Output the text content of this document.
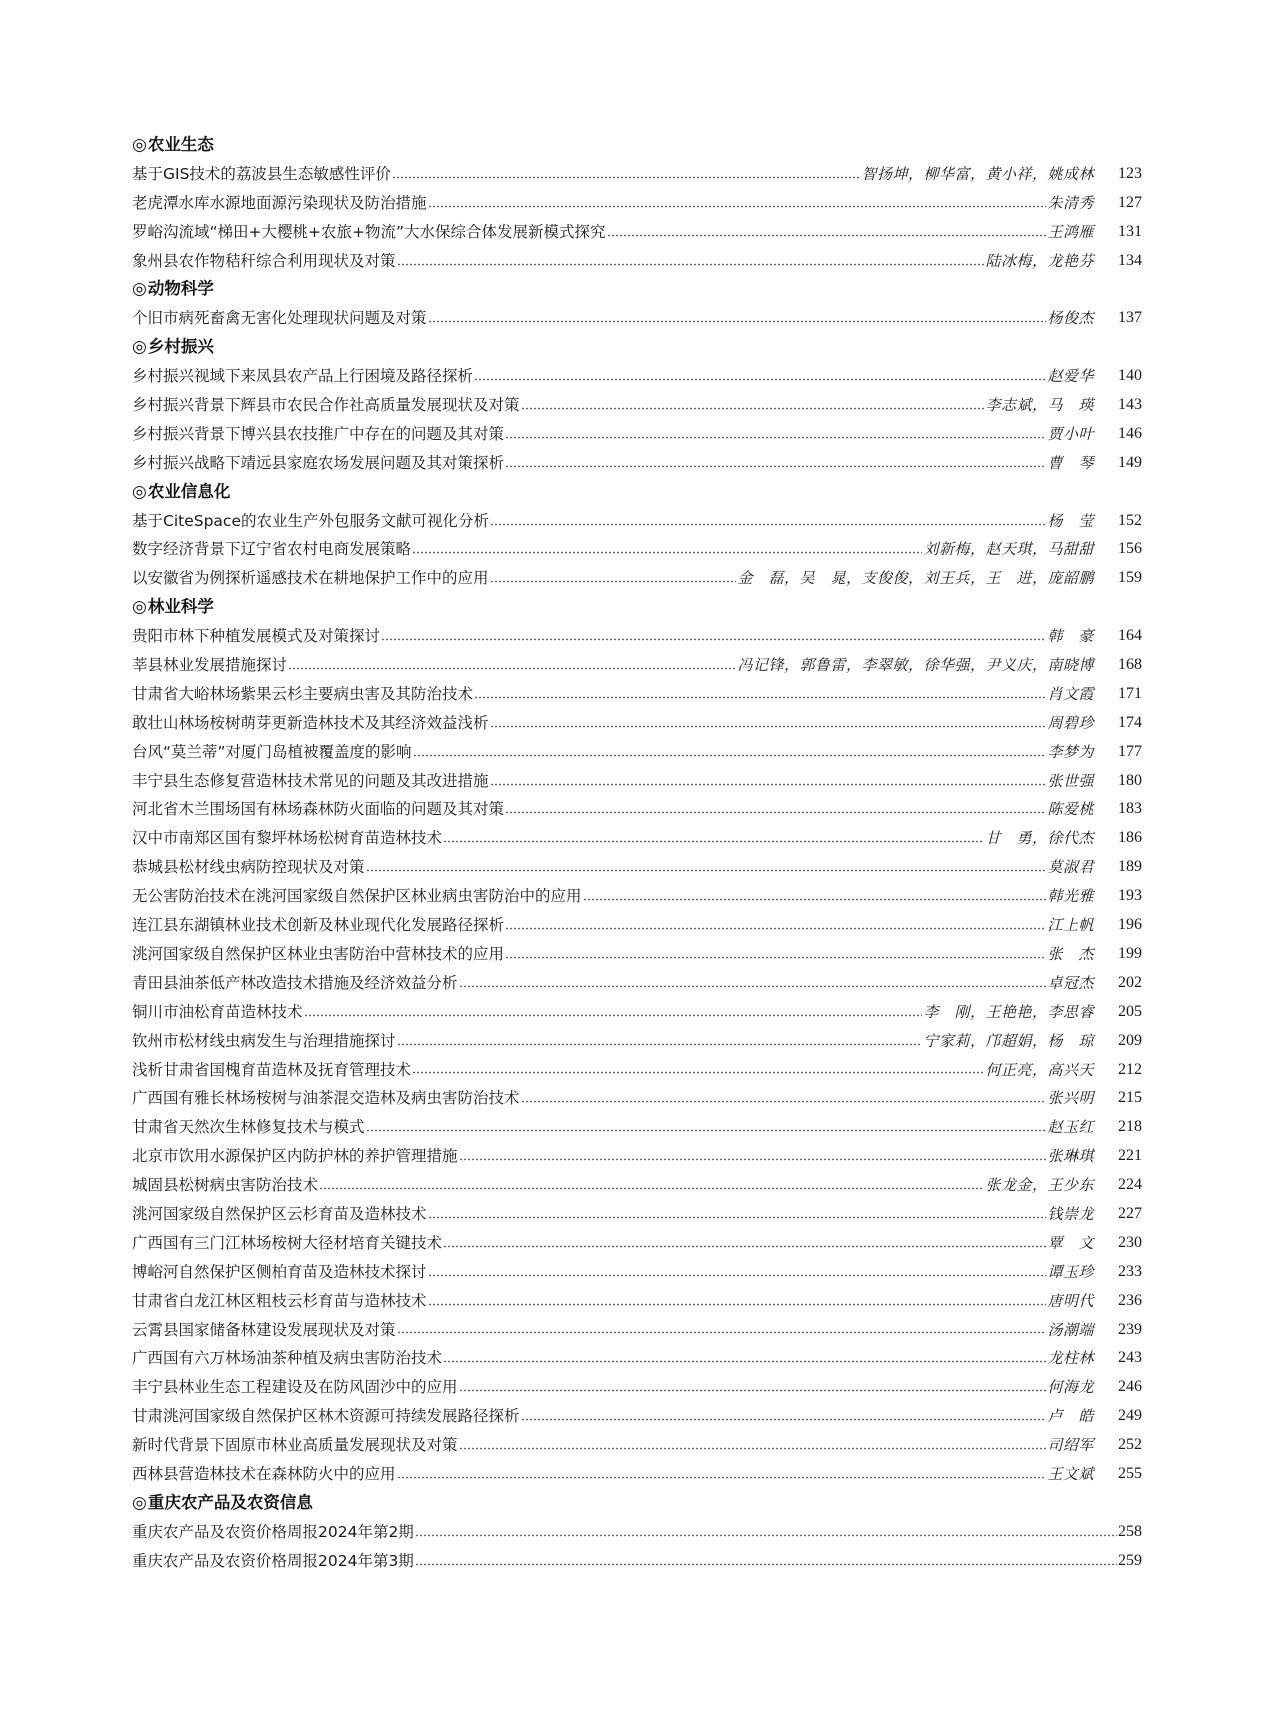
◎ 农业生态
基于GIS技术的荔波县生态敏感性评价	智扬坤，柳华富，黄小祥，姚成林	123
老虎潭水库水源地面源污染现状及防治措施	朱清秀	127
罗峪沟流域“梯田+大樱桃+农旅+物流”大水保综合体发展新模式探究	王鸿雁	131
象州县农作物秸秆综合利用现状及对策	陆冰梅，龙艳芬	134
◎ 动物科学
个旧市病死畜禽无害化处理现状问题及对策	杨俊杰	137
◎ 乡村振兴
乡村振兴视域下来凤县农产品上行困境及路径探析	赵爱华	140
乡村振兴背景下辉县市农民合作社高质量发展现状及对策	李志斌，马　瑛	143
乡村振兴背景下博兴县农技推广中存在的问题及其对策	贾小叶	146
乡村振兴战略下靖远县家庭农场发展问题及其对策探析	曹　琴	149
◎ 农业信息化
基于CiteSpace的农业生产外包服务文献可视化分析	杨　莹	152
数字经济背景下辽宁省农村电商发展策略	刘新梅，赵天琪，马甜甜	156
以安徽省为例探析遥感技术在耕地保护工作中的应用	金　磊，吴　晁，支俊俊，刘王兵，王　进，庞韶鹏	159
◎ 林业科学
贵阳市林下种植发展模式及对策探讨	韩　豪	164
莘县林业发展措施探讨	冯记锋，郭鲁雷，李翠敏，徐华强，尹义庆，南晓博	168
甘肃省大峪林场紫果云杉主要病虫害及其防治技术	肖文霞	171
敢壮山林场桉树萌芽更新造林技术及其经济效益浅析	周碧珍	174
台风“莫兰蒂”对厦门岛植被覆盖度的影响	李梦为	177
丰宁县生态修复营造林技术常见的问题及其改进措施	张世强	180
河北省木兰围场国有林场森林防火面临的问题及其对策	陈爱桃	183
汉中市南郑区国有黎坪林场松树育苗造林技术	甘　勇，徐代杰	186
恭城县松材线虫病防控现状及对策	莫淑君	189
无公害防治技术在洮河国家级自然保护区林业病虫害防治中的应用	韩光雅	193
连江县东湖镇林业技术创新及林业现代化发展路径探析	江上帆	196
洮河国家级自然保护区林业虫害防治中营林技术的应用	张　杰	199
青田县油茶低产林改造技术措施及经济效益分析	卓冠杰	202
铜川市油松育苗造林技术	李　刚，王艳艳，李思睿	205
钦州市松材线虫病发生与治理措施探讨	宁家莉，邝超娟，杨　琼	209
浅析甘肃省国槐育苗造林及抚育管理技术	何正亮，高兴天	212
广西国有雅长林场桉树与油茶混交造林及病虫害防治技术	张兴明	215
甘肃省天然次生林修复技术与模式	赵玉红	218
北京市饮用水源保护区内防护林的养护管理措施	张琳琪	221
城固县松树病虫害防治技术	张龙金，王少东	224
洮河国家级自然保护区云杉育苗及造林技术	钱崇龙	227
广西国有三门江林场桉树大径材培育关键技术	覃　文	230
博峪河自然保护区侧柏育苗及造林技术探讨	谭玉珍	233
甘肃省白龙江林区粗枝云杉育苗与造林技术	唐明代	236
云霄县国家储备林建设发展现状及对策	汤潮端	239
广西国有六万林场油茶种植及病虫害防治技术	龙柱林	243
丰宁县林业生态工程建设及在防风固沙中的应用	何海龙	246
甘肃洮河国家级自然保护区林木资源可持续发展路径探析	卢　皓	249
新时代背景下固原市林业高质量发展现状及对策	司绍军	252
西林县营造林技术在森林防火中的应用	王文斌	255
◎ 重庆农产品及农资信息
重庆农产品及农资价格周报2024年第2期	258
重庆农产品及农资价格周报2024年第3期	259
